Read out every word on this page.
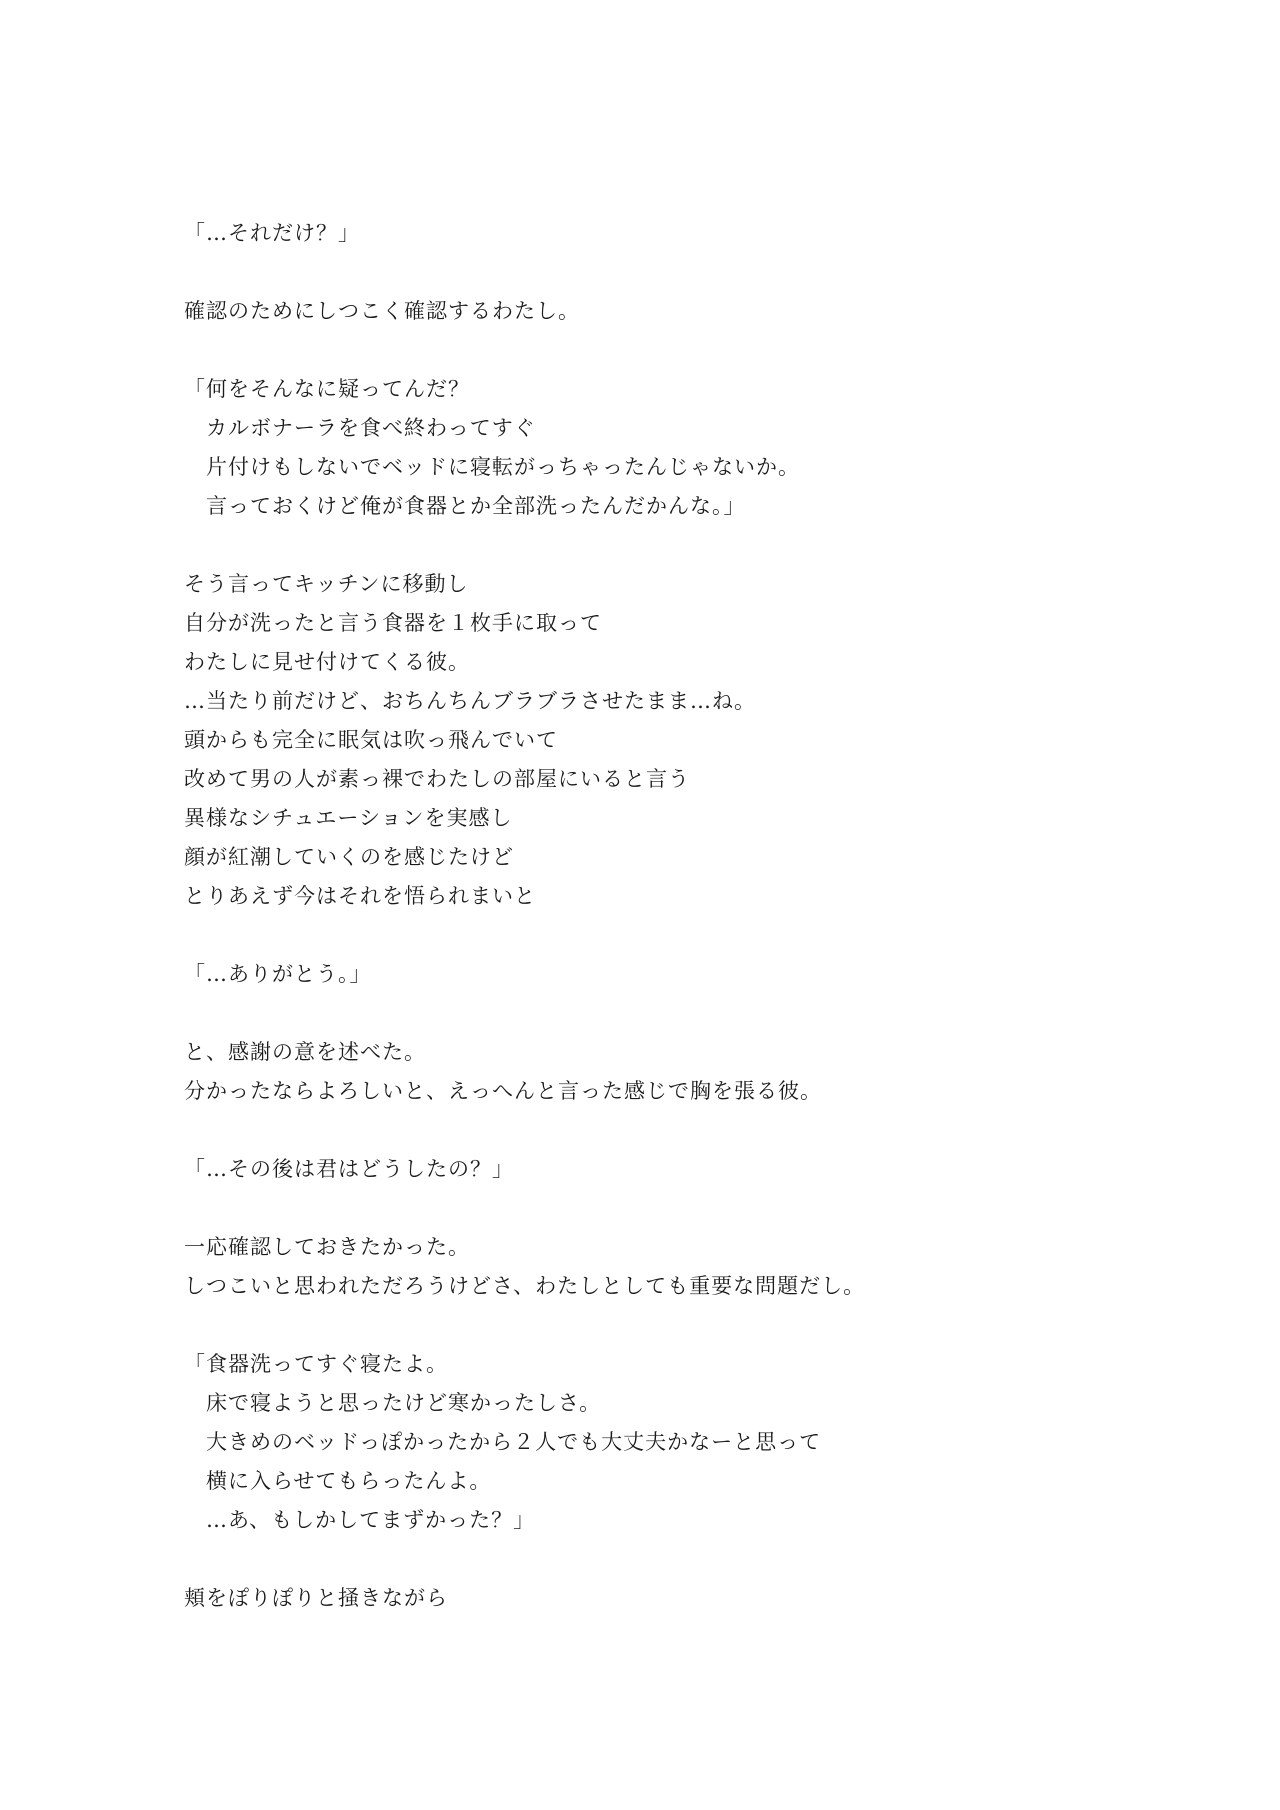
「…それだけ？」
確認のためにしつこく確認するわたし。
「何をそんなに疑ってんだ？
カルボナーラを食べ終わってすぐ
片付けもしないでベッドに寝転がっちゃったんじゃないか。
言っておくけど俺が食器とか全部洗ったんだかんな。」
そう言ってキッチンに移動し
自分が洗ったと言う食器を１枚手に取って
わたしに見せ付けてくる彼。
…当たり前だけど、おちんちんブラブラさせたまま…ね。
頭からも完全に眠気は吹っ飛んでいて
改めて男の人が素っ裸でわたしの部屋にいると言う
異様なシチュエーションを実感し
顔が紅潮していくのを感じたけど
とりあえず今はそれを悟られまいと
「…ありがとう。」
と、感謝の意を述べた。
分かったならよろしいと、えっへんと言った感じで胸を張る彼。
「…その後は君はどうしたの？」
一応確認しておきたかった。
しつこいと思われただろうけどさ、わたしとしても重要な問題だし。
「食器洗ってすぐ寝たよ。
床で寝ようと思ったけど寒かったしさ。
大きめのベッドっぽかったから２人でも大丈夫かなーと思って
横に入らせてもらったんよ。
…あ、もしかしてまずかった？」
頬をぽりぽりと掻きながら
